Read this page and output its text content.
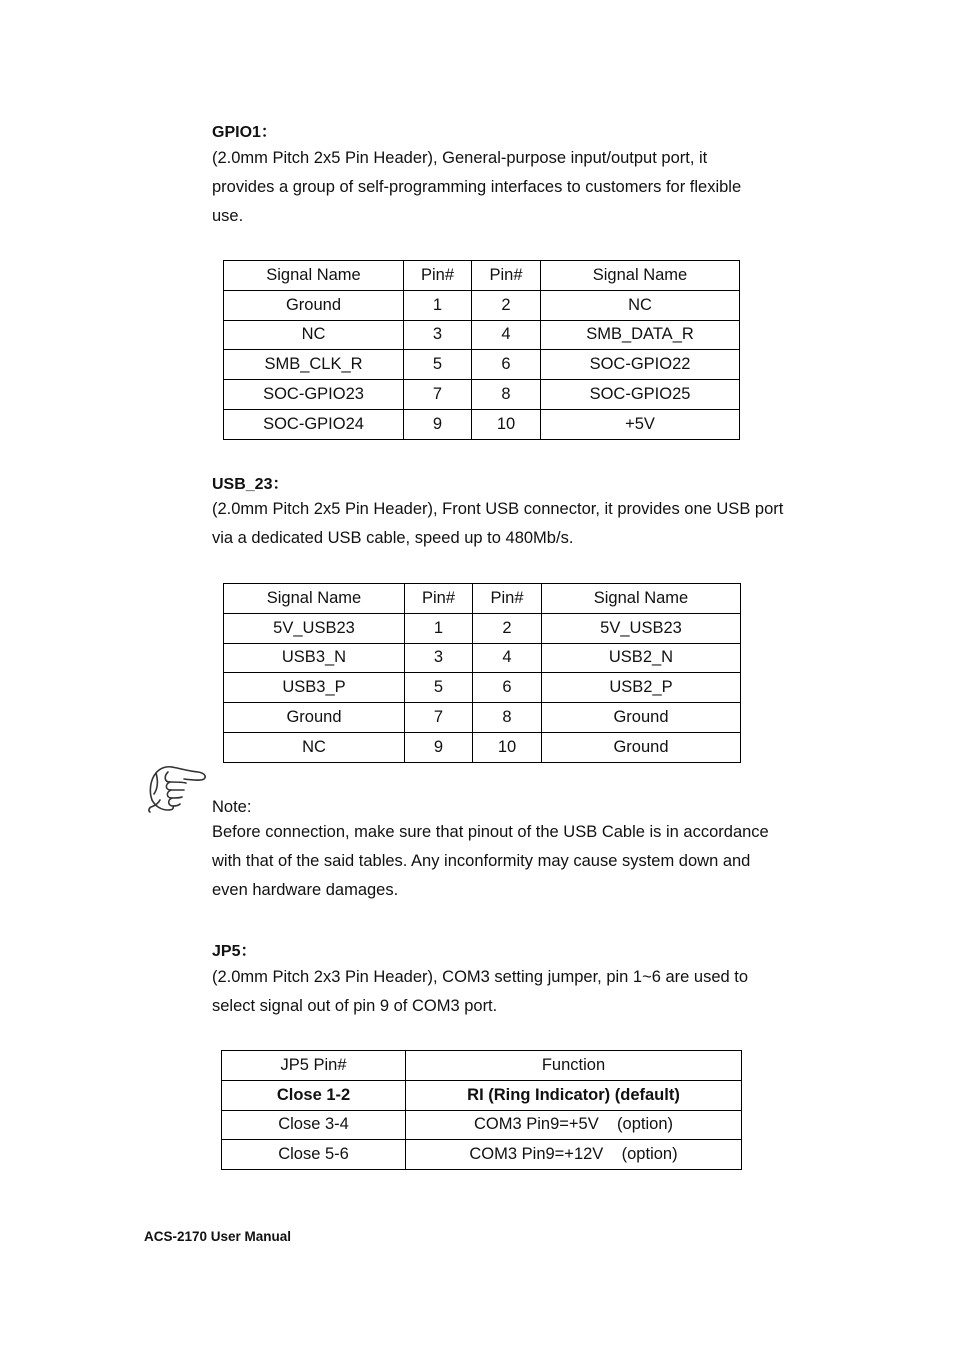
GPIO1：
(2.0mm Pitch 2x5 Pin Header), General-purpose input/output port, it
provides a group of self-programming interfaces to customers for flexible
use.
Signal Name	Pin#	Pin#	Signal Name
Ground	1	2	NC
NC	3	4	SMB_DATA_R
SMB_CLK_R	5	6	SOC-GPIO22
SOC-GPIO23	7	8	SOC-GPIO25
SOC-GPIO24	9	10	+5V
USB_23：
(2.0mm Pitch 2x5 Pin Header), Front USB connector, it provides one USB port
via a dedicated USB cable, speed up to 480Mb/s.
Signal Name	Pin#	Pin#	Signal Name
5V_USB23	1	2	5V_USB23
USB3_N	3	4	USB2_N
USB3_P	5	6	USB2_P
Ground	7	8	Ground
NC	9	10	Ground
Note:
Before connection, make sure that pinout of the USB Cable is in accordance
with that of the said tables. Any inconformity may cause system down and
even hardware damages.
JP5：
(2.0mm Pitch 2x3 Pin Header), COM3 setting jumper, pin 1~6 are used to
select signal out of pin 9 of COM3 port.
JP5 Pin#	Function
Close 1-2	RI (Ring Indicator) (default)
Close 3-4	COM3 Pin9=+5V    (option)
Close 5-6	COM3 Pin9=+12V    (option)
ACS-2170 User Manual
